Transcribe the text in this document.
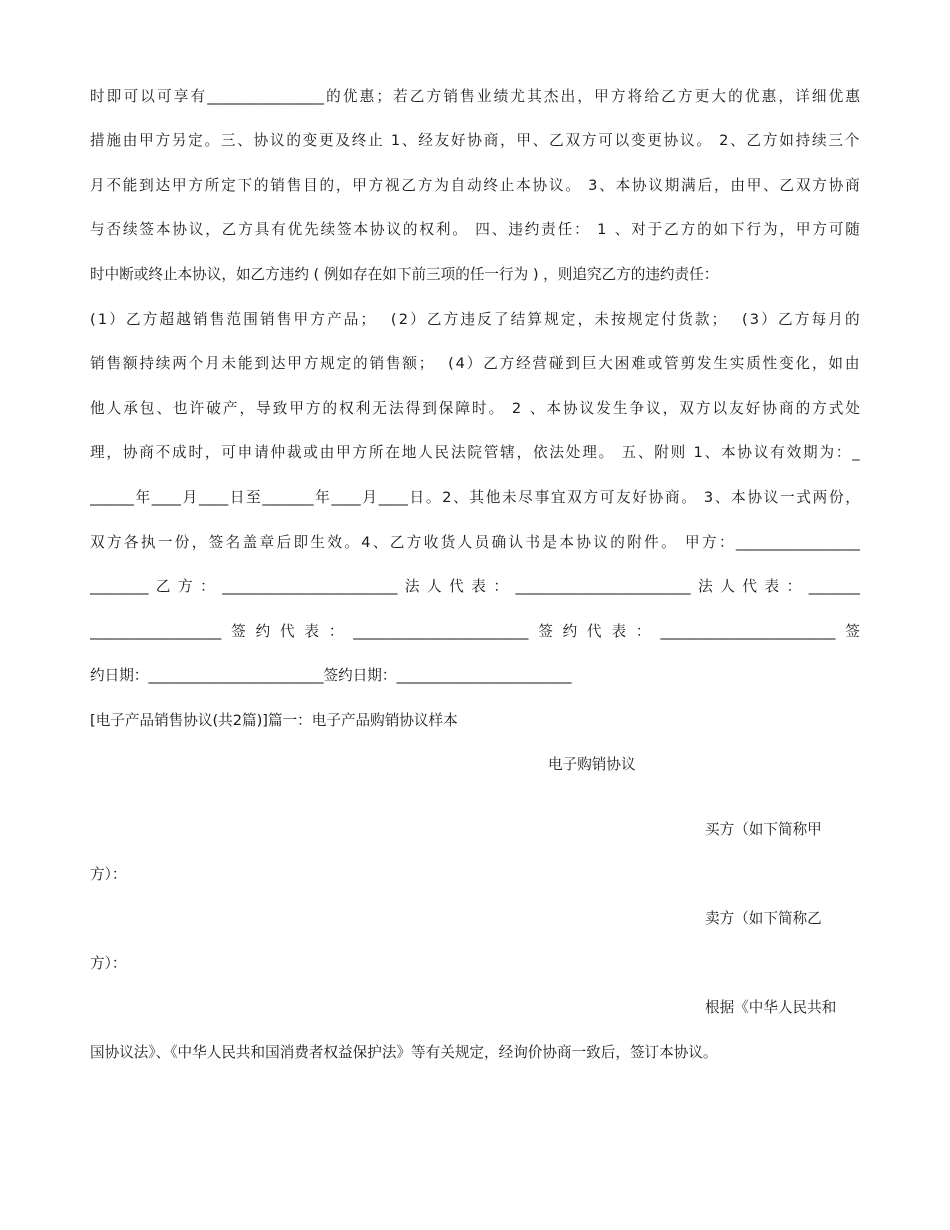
时 即 可 以 可 享 有 ________________ 的 优 惠 ； 若 乙 方 销 售 业 绩 尤 其 杰 出 ， 甲 方 将 给 乙 方 更 大 的 优 惠 ， 详 细 优 惠
措 施 由 甲 方 另 定 。 三 、 协 议 的 变 更 及 终 止
1 、 经 友 好 协 商 ， 甲 、 乙 双 方 可 以 变 更 协 议 。
2 、 乙 方 如 持 续 三 个
月 不 能 到 达 甲 方 所 定 下 的 销 售 目 的 ， 甲 方 视 乙 方 为 自 动 终 止 本 协 议 。
3 、 本 协 议 期 满 后 ， 由 甲 、 乙 双 方 协 商
与 否 续 签 本 协 议 ， 乙 方 具 有 优 先 续 签 本 协 议 的 权 利 。
四 、 违 约 责 任 ：
1
、 对 于 乙 方 的 如 下 行 为 ， 甲 方 可 随
时中断或终止本协议，如乙方违约 ( 例如存在如下前三项的任一行为 ) ，则追究乙方的违约责任：
( 1 ） 乙 方 超 越 销 售 范 围 销 售 甲 方 产 品 ；

( 2 ） 乙 方 违 反 了 结 算 规 定 ， 未 按 规 定 付 货 款 ；

( 3 ） 乙 方 每 月 的
销 售 额 持 续 两 个 月 未 能 到 达 甲 方 规 定 的 销 售 额 ；

( 4 ） 乙 方 经 营 碰 到 巨 大 困 难 或 管 剪 发 生 实 质 性 变 化 ， 如 由
他 人 承 包 、 也 许 破 产 ， 导 致 甲 方 的 权 利 无 法 得 到 保 障 时 。
2
、 本 协 议 发 生 争 议 ， 双 方 以 友 好 协 商 的 方 式 处
理 ， 协 商 不 成 时 ， 可 申 请 仲 裁 或 由 甲 方 所 在 地 人 民 法 院 管 辖 ， 依 法 处 理 。
五 、 附 则
1 、 本 协 议 有 效 期 为 ： _
______ 年 ____ 月 ____ 日 至 _______ 年 ____ 月 ____ 日 。 2 、 其 他 未 尽 事 宜 双 方 可 友 好 协 商 。
3 、 本 协 议 一 式 两 份 ，
双 方 各 执 一 份 ， 签 名 盖 章 后 即 生 效 。 4 、 乙 方 收 货 人 员 确 认 书 是 本 协 议 的 附 件 。
甲 方 ： _________________
________ 乙 方 ： ________________________ 法 人 代 表 ： ________________________ 法 人 代 表 ： _______
__________________ 签 约 代 表 ： ________________________ 签 约 代 表 ： ________________________ 签
约日期：________________________签约日期：________________________
[电子产品销售协议(共2篇)]篇一：电子产品购销协议样本
电子购销协议
买方（如下简称甲
方）：
卖方（如下简称乙
方）：
根据《中华人民共和
国协议法》、《中华人民共和国消费者权益保护法》等有关规定，经询价协商一致后，签订本协议。
